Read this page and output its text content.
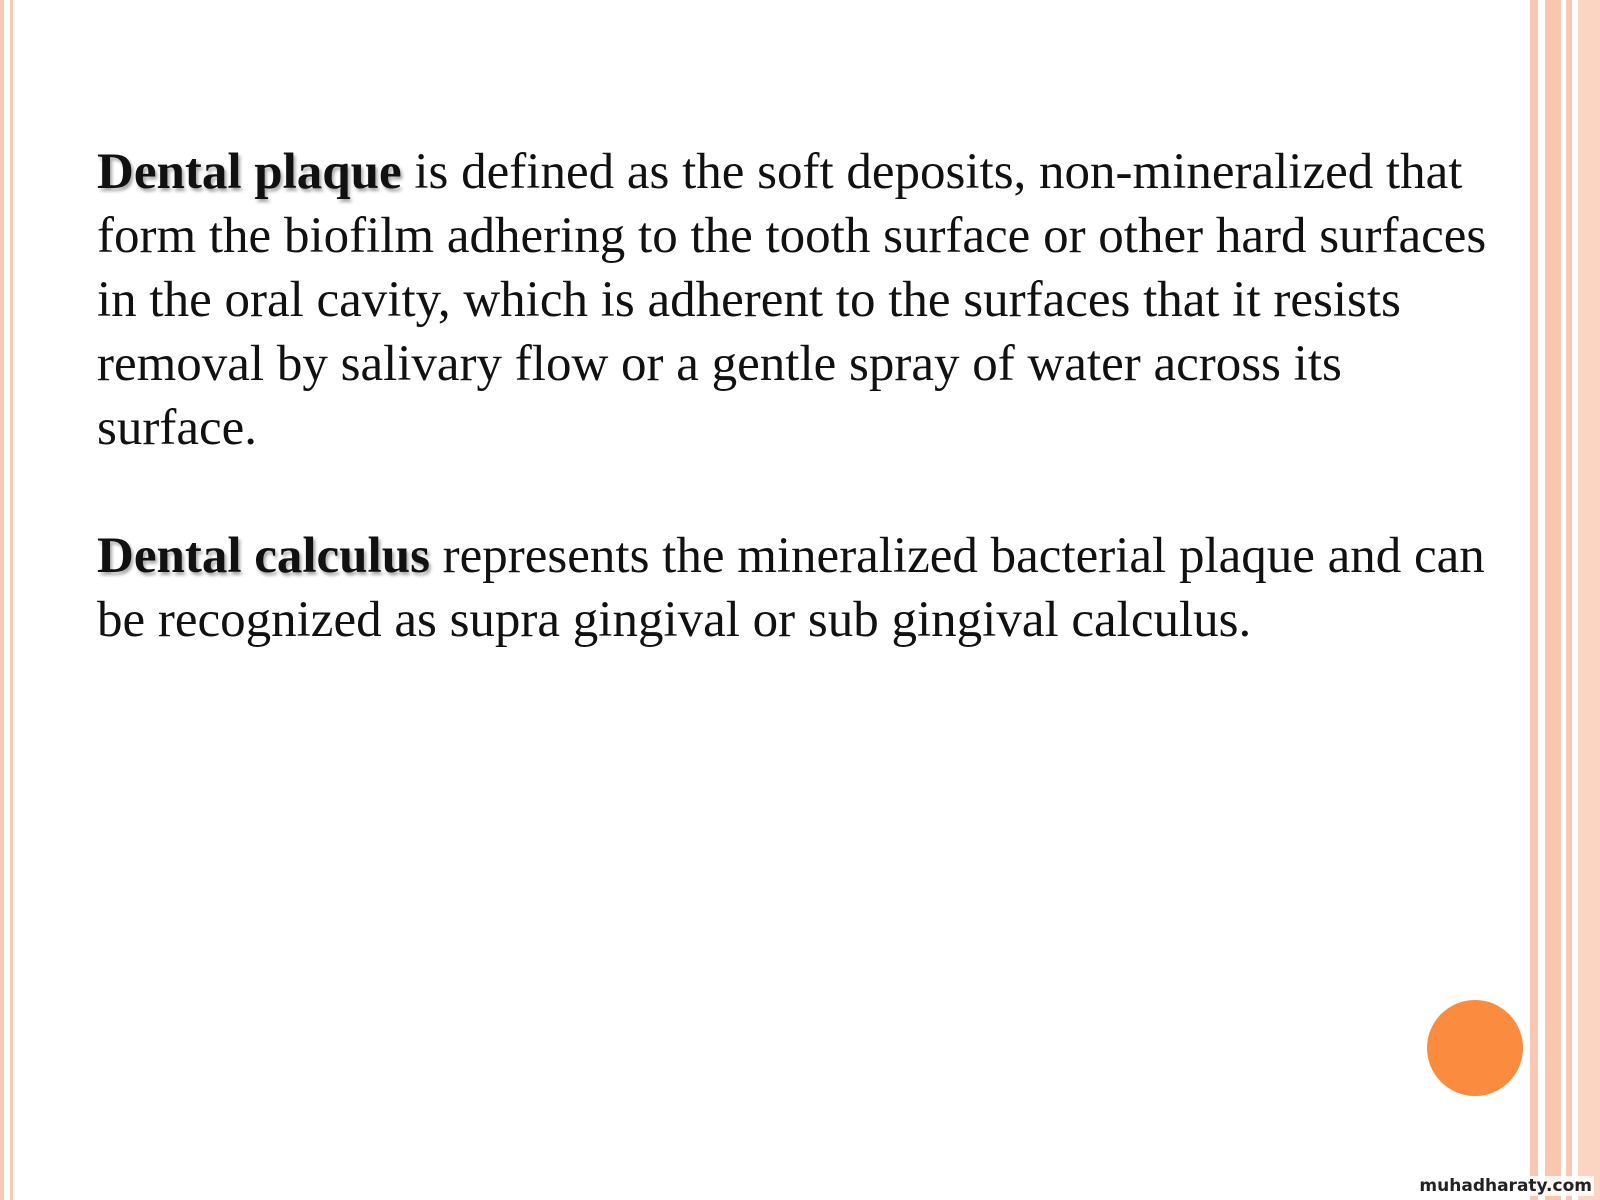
Dental plaque is defined as the soft deposits, non-mineralized that form the biofilm adhering to the tooth surface or other hard surfaces in the oral cavity, which is adherent to the surfaces that it resists removal by salivary flow or a gentle spray of water across its surface.

Dental calculus represents the mineralized bacterial plaque and can be recognized as supra gingival or sub gingival calculus.

muhadharaty.com
